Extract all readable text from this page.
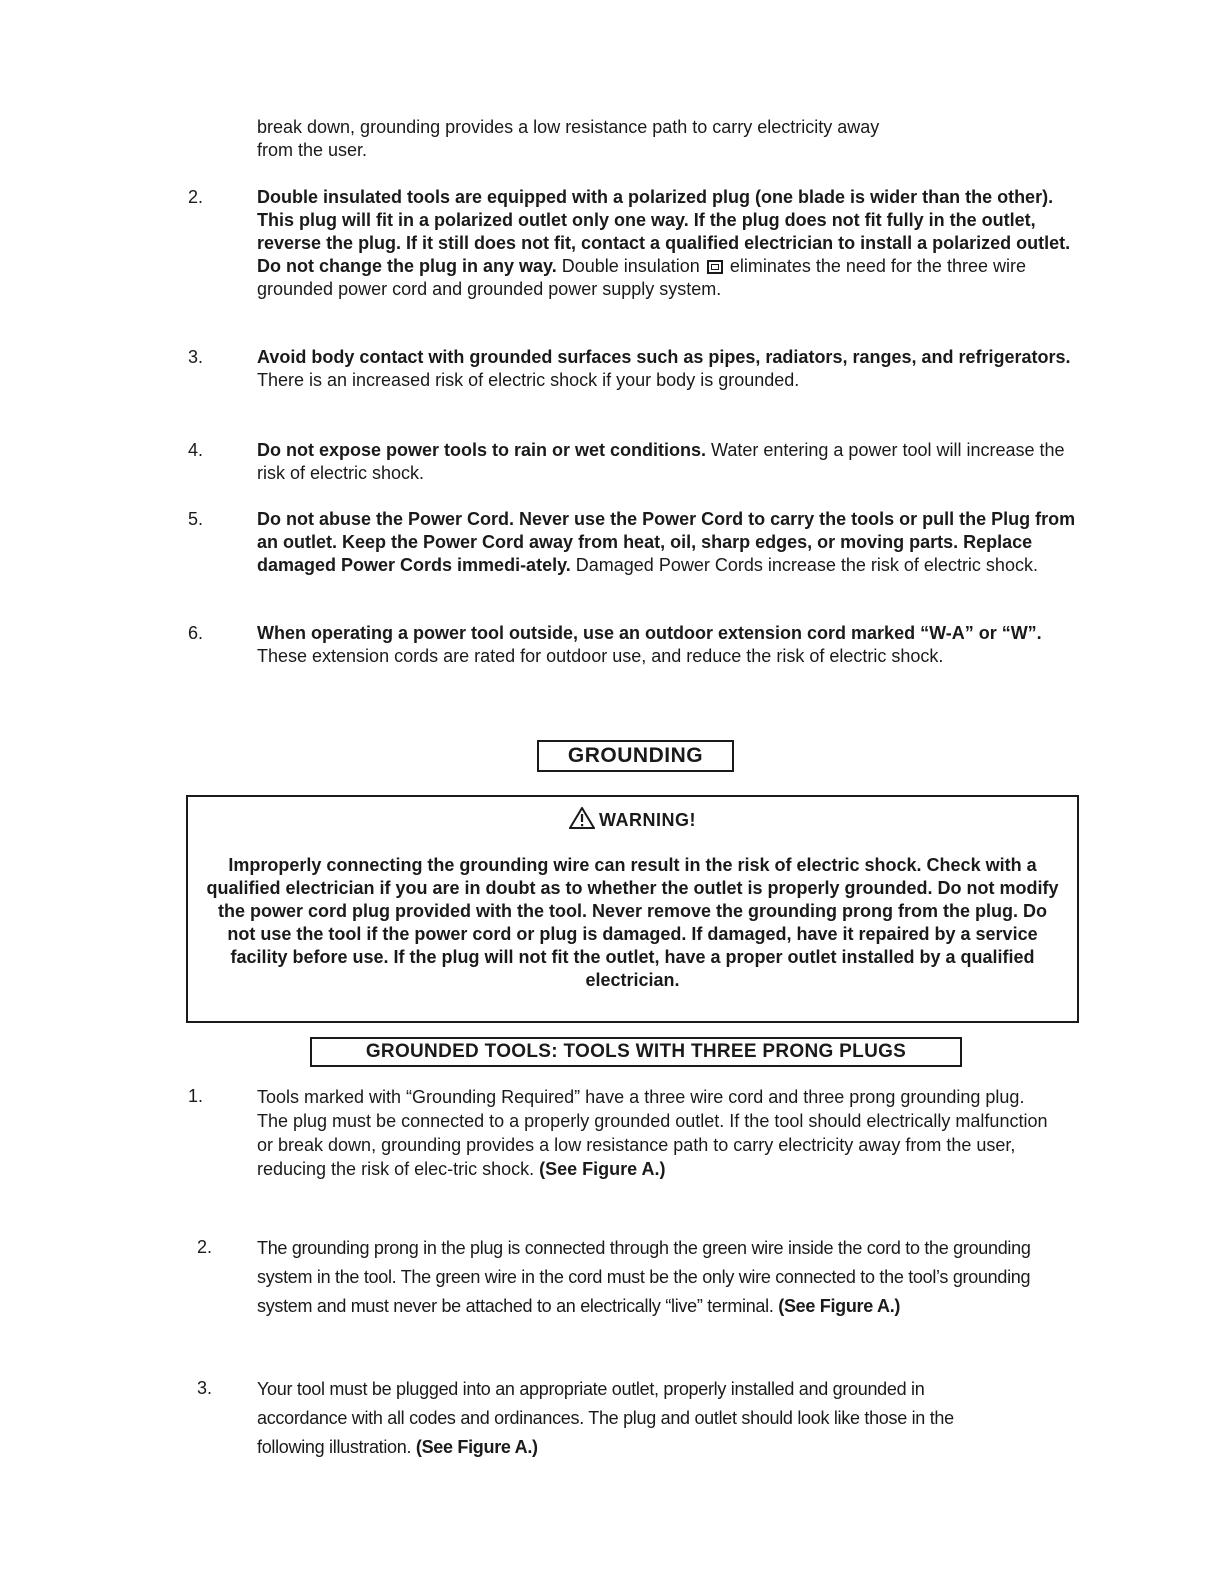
break down, grounding provides a low resistance path to carry electricity away
from the user.
2.	Double insulated tools are equipped with a polarized plug (one blade is wider than the other). This plug will fit in a polarized outlet only one way. If the plug does not fit fully in the outlet, reverse the plug. If it still does not fit, contact a qualified electrician to install a polarized outlet. Do not change the plug in any way. Double insulation  eliminates the need for the three wire grounded power cord and grounded power supply system.
3.	Avoid body contact with grounded surfaces such as pipes, radiators, ranges, and refrigerators. There is an increased risk of electric shock if your body is grounded.
4.	Do not expose power tools to rain or wet conditions. Water entering a power tool will increase the risk of electric shock.
5.	Do not abuse the Power Cord. Never use the Power Cord to carry the tools or pull the Plug from an outlet. Keep the Power Cord away from heat, oil, sharp edges, or moving parts. Replace damaged Power Cords immedi-ately. Damaged Power Cords increase the risk of electric shock.
6.	When operating a power tool outside, use an outdoor extension cord marked “W-A” or “W”. These extension cords are rated for outdoor use, and reduce the risk of electric shock.
GROUNDING
WARNING!
Improperly connecting the grounding wire can result in the risk of electric shock. Check with a qualified electrician if you are in doubt as to whether the outlet is properly grounded. Do not modify the power cord plug provided with the tool. Never remove the grounding prong from the plug. Do not use the tool if the power cord or plug is damaged. If damaged, have it repaired by a service facility before use. If the plug will not fit the outlet, have a proper outlet installed by a qualified electrician.
GROUNDED TOOLS: TOOLS WITH THREE PRONG PLUGS
1.	Tools marked with “Grounding Required” have a three wire cord and three prong grounding plug. The plug must be connected to a properly grounded outlet. If the tool should electrically malfunction or break down, grounding provides a low resistance path to carry electricity away from the user, reducing the risk of elec-tric shock. (See Figure A.)
2. The grounding prong in the plug is connected through the green wire inside the cord to the grounding system in the tool. The green wire in the cord must be the only wire connected to the tool’s grounding system and must never be attached to an electrically “live” terminal. (See Figure A.)
3. Your tool must be plugged into an appropriate outlet, properly installed and grounded in accordance with all codes and ordinances. The plug and outlet should look like those in the following illustration. (See Figure A.)
